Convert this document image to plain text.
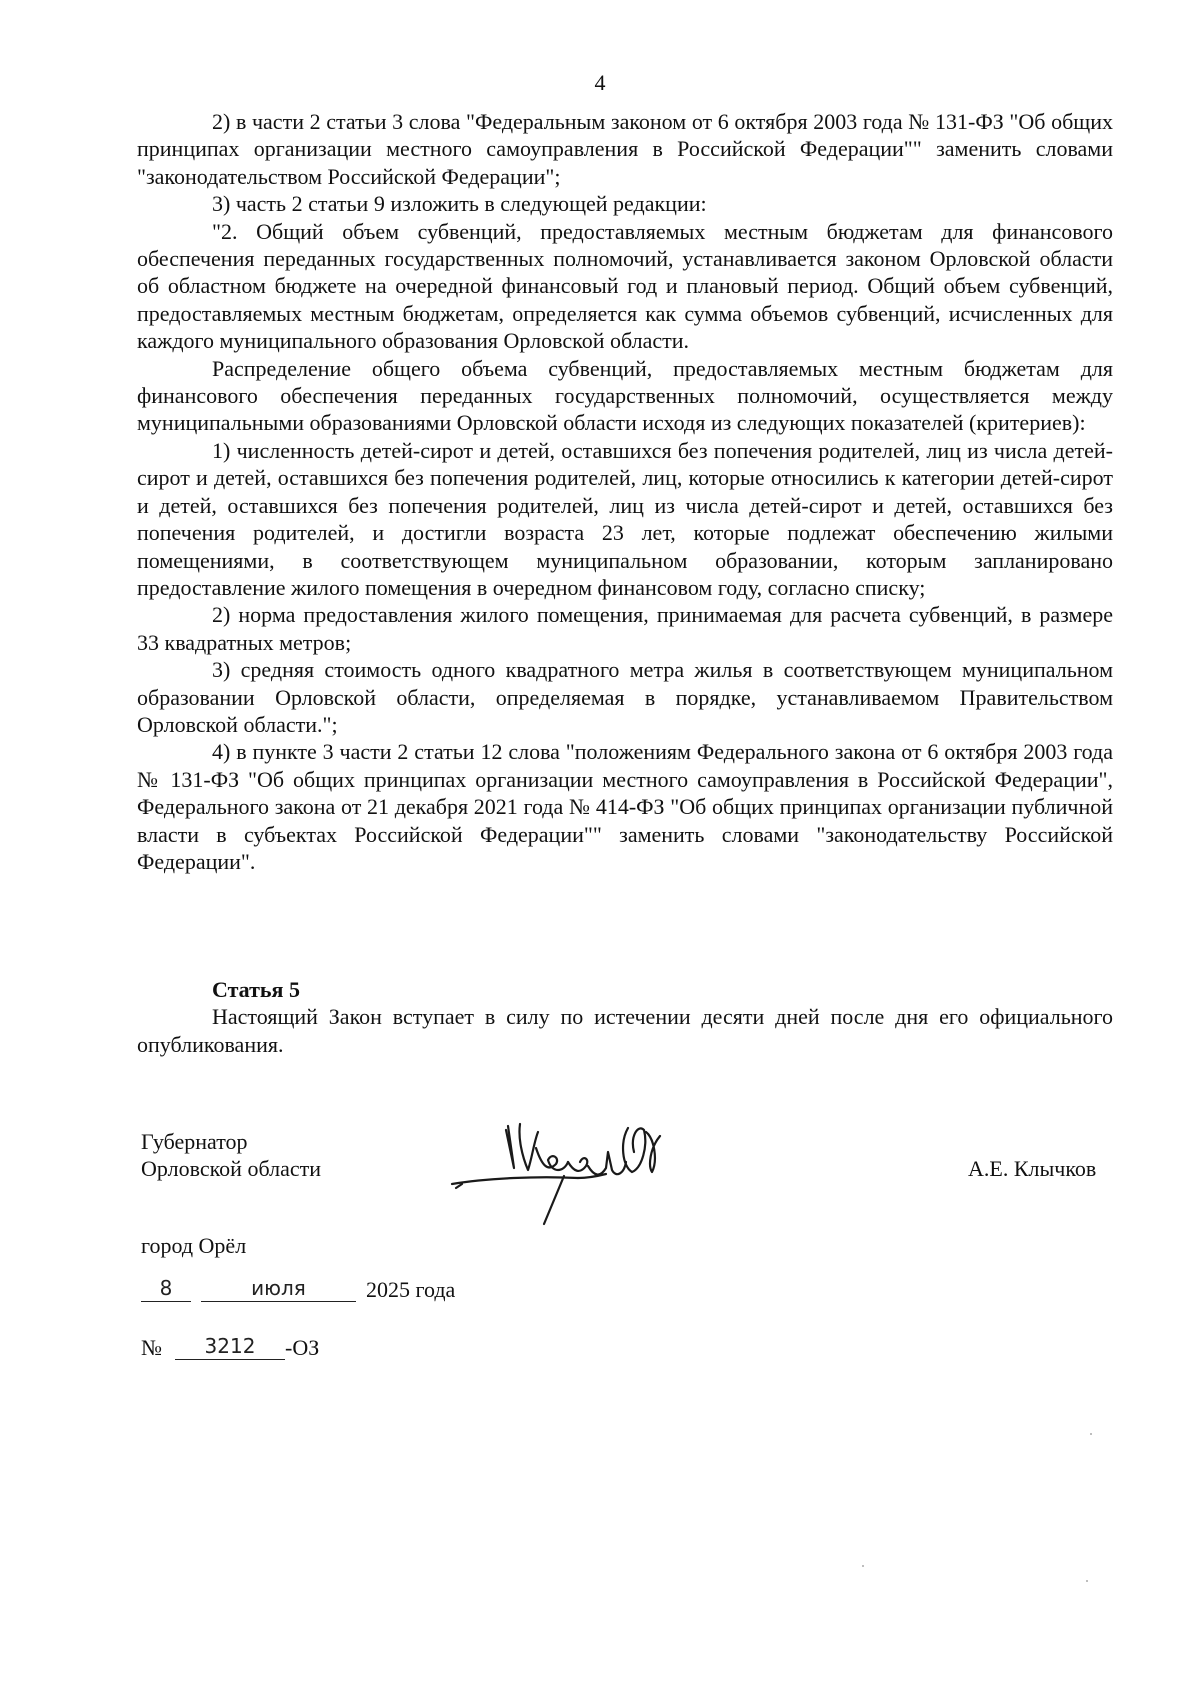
4

2) в части 2 статьи 3 слова "Федеральным законом от 6 октября 2003 года № 131-ФЗ "Об общих принципах организации местного самоуправления в Российской Федерации"" заменить словами "законодательством Российской Федерации";

3) часть 2 статьи 9 изложить в следующей редакции:

"2. Общий объем субвенций, предоставляемых местным бюджетам для финансового обеспечения переданных государственных полномочий, устанавливается законом Орловской области об областном бюджете на очередной финансовый год и плановый период. Общий объем субвенций, предоставляемых местным бюджетам, определяется как сумма объемов субвенций, исчисленных для каждого муниципального образования Орловской области.

Распределение общего объема субвенций, предоставляемых местным бюджетам для финансового обеспечения переданных государственных полномочий, осуществляется между муниципальными образованиями Орловской области исходя из следующих показателей (критериев):

1) численность детей-сирот и детей, оставшихся без попечения родителей, лиц из числа детей-сирот и детей, оставшихся без попечения родителей, лиц, которые относились к категории детей-сирот и детей, оставшихся без попечения родителей, лиц из числа детей-сирот и детей, оставшихся без попечения родителей, и достигли возраста 23 лет, которые подлежат обеспечению жилыми помещениями, в соответствующем муниципальном образовании, которым запланировано предоставление жилого помещения в очередном финансовом году, согласно списку;

2) норма предоставления жилого помещения, принимаемая для расчета субвенций, в размере 33 квадратных метров;

3) средняя стоимость одного квадратного метра жилья в соответствующем муниципальном образовании Орловской области, определяемая в порядке, устанавливаемом Правительством Орловской области.";

4) в пункте 3 части 2 статьи 12 слова "положениям Федерального закона от 6 октября 2003 года № 131-ФЗ "Об общих принципах организации местного самоуправления в Российской Федерации", Федерального закона от 21 декабря 2021 года № 414-ФЗ "Об общих принципах организации публичной власти в субъектах Российской Федерации"" заменить словами "законодательству Российской Федерации".

Статья 5

Настоящий Закон вступает в силу по истечении десяти дней после дня его официального опубликования.

Губернатор
Орловской области	А.Е. Клычков
город Орёл
8	июля	2025 года
№	3212	-ОЗ
